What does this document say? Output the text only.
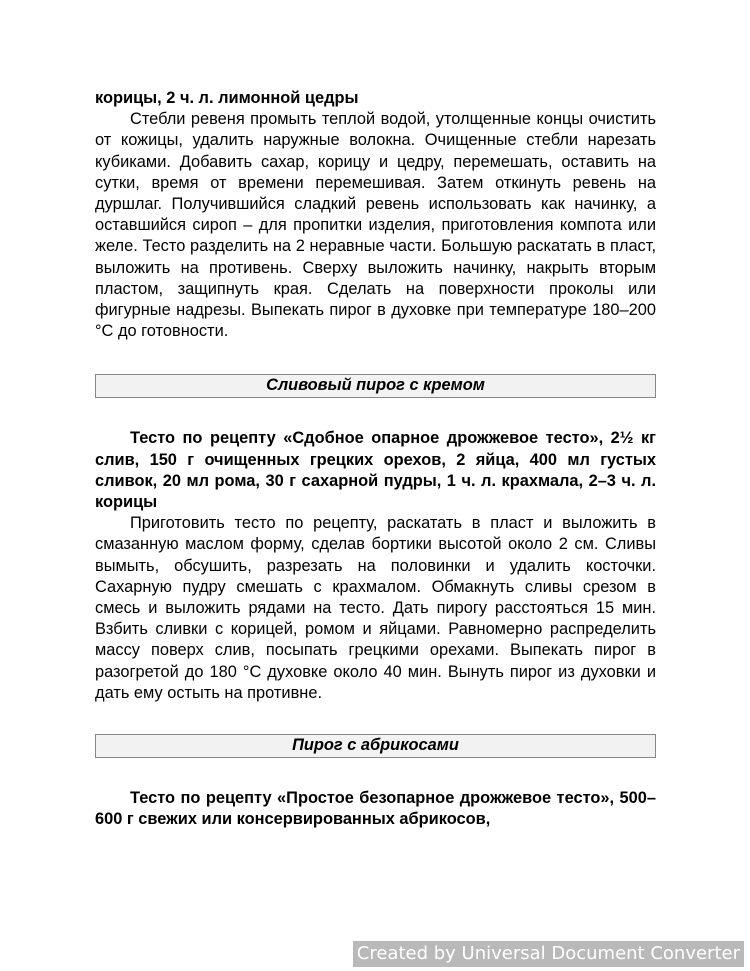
корицы, 2 ч. л. лимонной цедры

Стебли ревеня промыть теплой водой, утолщенные концы очистить от кожицы, удалить наружные волокна. Очищенные стебли нарезать кубиками. Добавить сахар, корицу и цедру, перемешать, оставить на сутки, время от времени перемешивая. Затем откинуть ревень на дуршлаг. Получившийся сладкий ревень использовать как начинку, а оставшийся сироп – для пропитки изделия, приготовления компота или желе. Тесто разделить на 2 неравные части. Большую раскатать в пласт, выложить на противень. Сверху выложить начинку, накрыть вторым пластом, защипнуть края. Сделать на поверхности проколы или фигурные надрезы. Выпекать пирог в духовке при температуре 180–200 °С до готовности.

Сливовый пирог с кремом

Тесто по рецепту «Сдобное опарное дрожжевое тесто», 2½ кг слив, 150 г очищенных грецких орехов, 2 яйца, 400 мл густых сливок, 20 мл рома, 30 г сахарной пудры, 1 ч. л. крахмала, 2–3 ч. л. корицы

Приготовить тесто по рецепту, раскатать в пласт и выложить в смазанную маслом форму, сделав бортики высотой около 2 см. Сливы вымыть, обсушить, разрезать на половинки и удалить косточки. Сахарную пудру смешать с крахмалом. Обмакнуть сливы срезом в смесь и выложить рядами на тесто. Дать пирогу расстояться 15 мин. Взбить сливки с корицей, ромом и яйцами. Равномерно распределить массу поверх слив, посыпать грецкими орехами. Выпекать пирог в разогретой до 180 °С духовке около 40 мин. Вынуть пирог из духовки и дать ему остыть на противне.

Пирог с абрикосами

Тесто по рецепту «Простое безопарное дрожжевое тесто», 500–600 г свежих или консервированных абрикосов,

Created by Universal Document Converter
